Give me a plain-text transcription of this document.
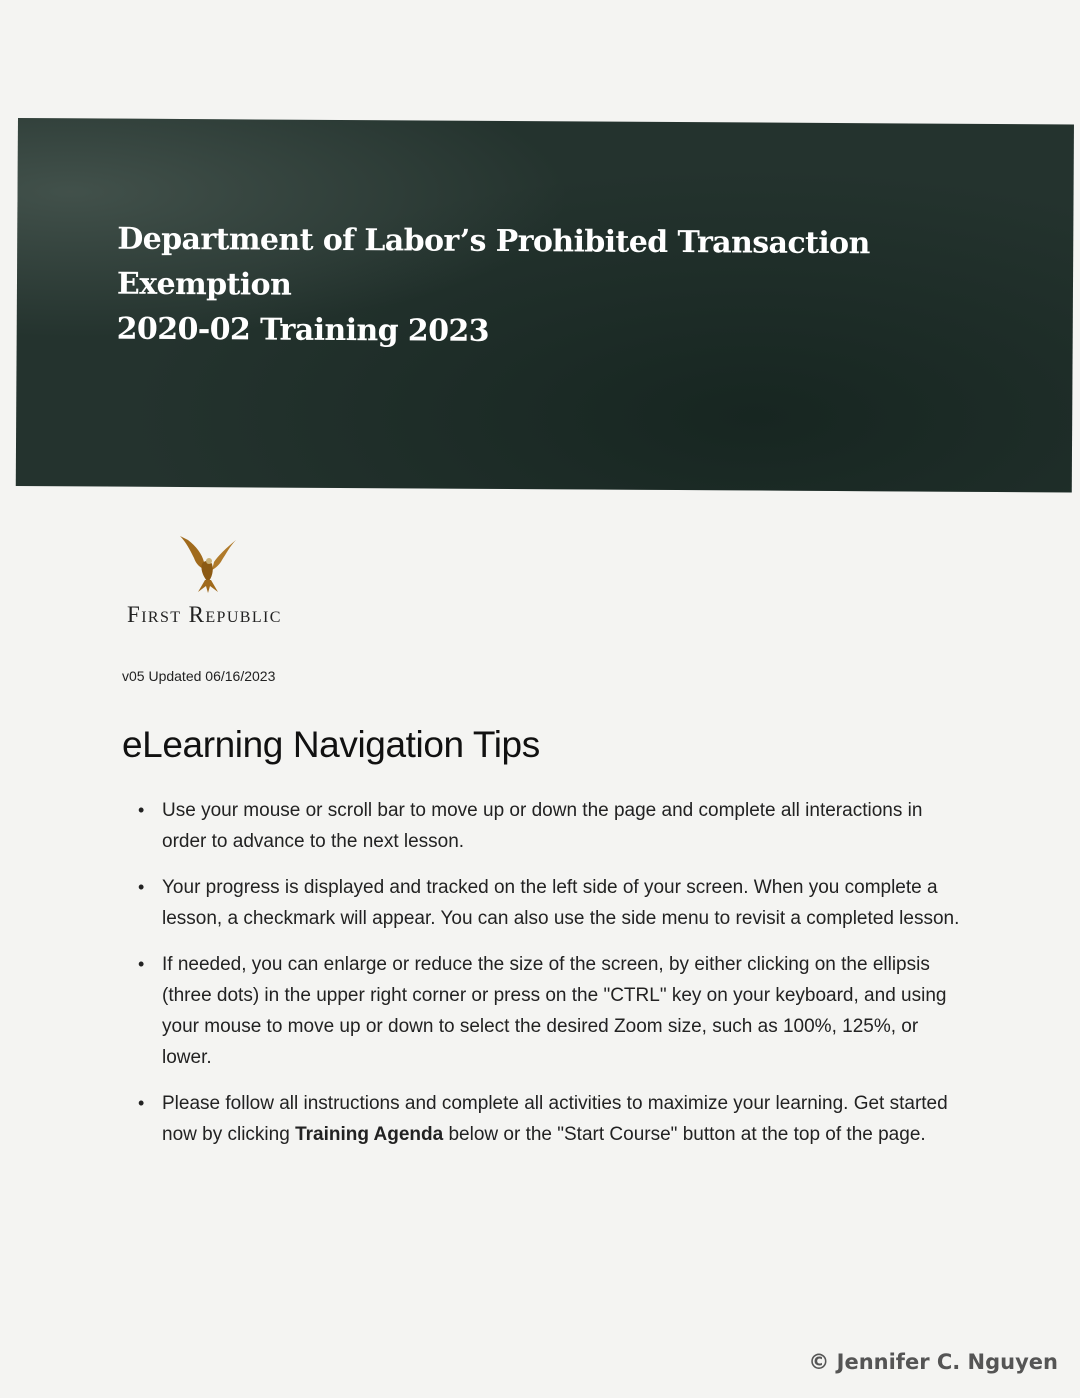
Department of Labor’s Prohibited Transaction Exemption
2020-02 Training 2023
First Republic
v05 Updated 06/16/2023
eLearning Navigation Tips
• Use your mouse or scroll bar to move up or down the page and complete all interactions in order to advance to the next lesson.
• Your progress is displayed and tracked on the left side of your screen. When you complete a lesson, a checkmark will appear. You can also use the side menu to revisit a completed lesson.
• If needed, you can enlarge or reduce the size of the screen, by either clicking on the ellipsis (three dots) in the upper right corner or press on the "CTRL" key on your keyboard, and using your mouse to move up or down to select the desired Zoom size, such as 100%, 125%, or lower.
• Please follow all instructions and complete all activities to maximize your learning. Get started now by clicking Training Agenda below or the "Start Course" button at the top of the page.
© Jennifer C. Nguyen
